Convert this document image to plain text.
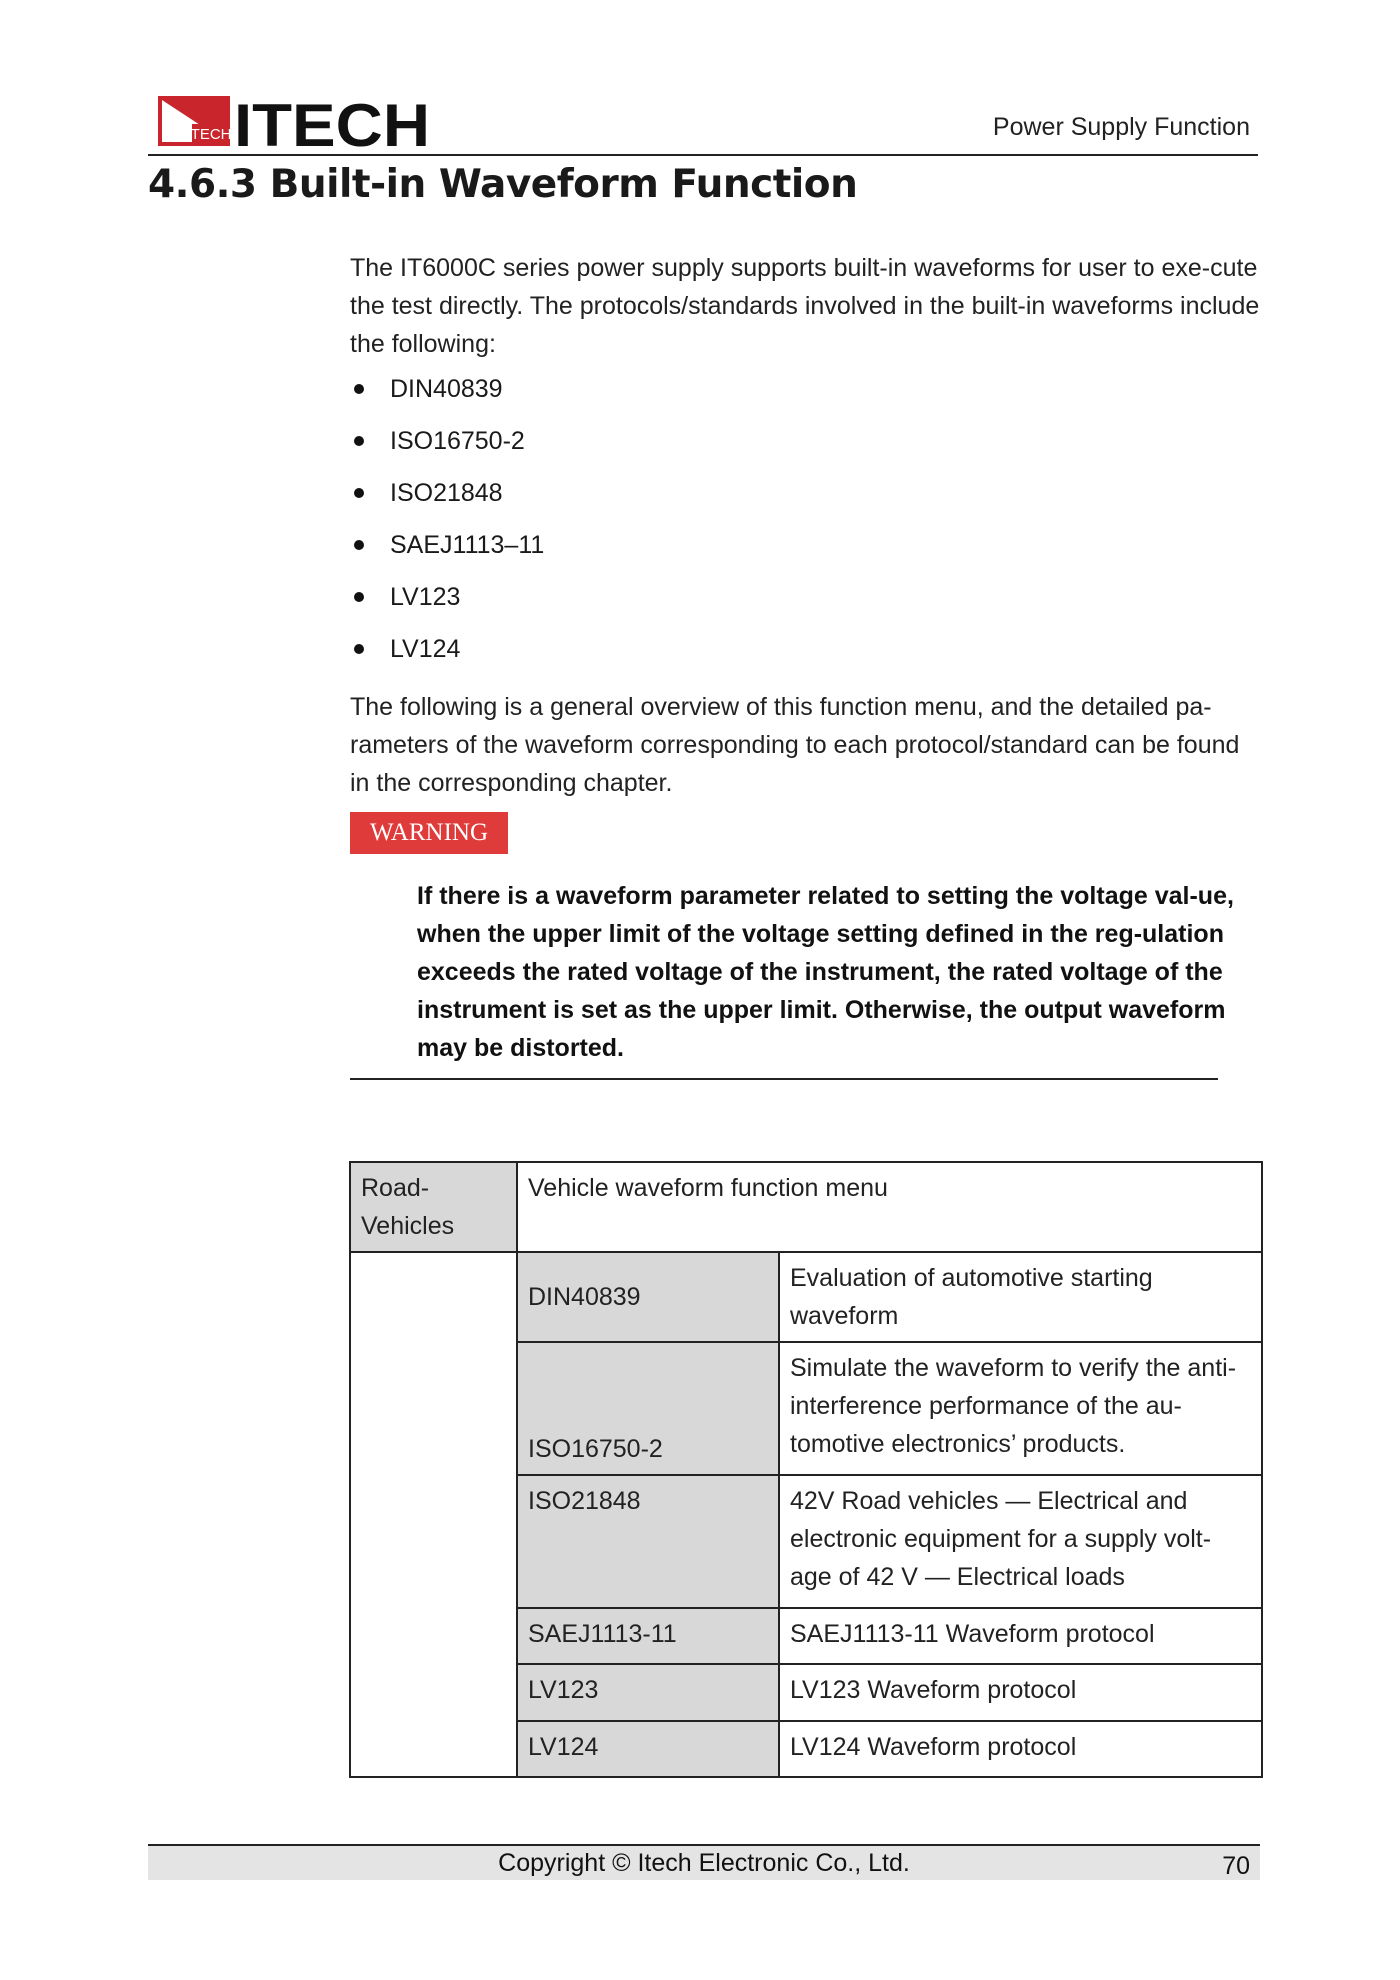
ITECH ITECH	Power Supply Function
4.6.3 Built-in Waveform Function
The IT6000C series power supply supports built-in waveforms for user to exe-cute the test directly. The protocols/standards involved in the built-in waveforms include the following:
DIN40839
ISO16750-2
ISO21848
SAEJ1113–11
LV123
LV124
The following is a general overview of this function menu, and the detailed pa-rameters of the waveform corresponding to each protocol/standard can be found in the corresponding chapter.
WARNING
If there is a waveform parameter related to setting the voltage val-ue, when the upper limit of the voltage setting defined in the reg-ulation exceeds the rated voltage of the instrument, the rated voltage of the instrument is set as the upper limit. Otherwise, the output waveform may be distorted.
Road-Vehicles	Vehicle waveform function menu	
	DIN40839	Evaluation of automotive starting waveform
	ISO16750-2	Simulate the waveform to verify the anti-interference performance of the au-tomotive electronics’ products.
	ISO21848	42V Road vehicles — Electrical and electronic equipment for a supply volt-age of 42 V — Electrical loads
	SAEJ1113-11	SAEJ1113-11 Waveform protocol
	LV123	LV123 Waveform protocol
	LV124	LV124 Waveform protocol
Copyright © Itech Electronic Co., Ltd.	70
